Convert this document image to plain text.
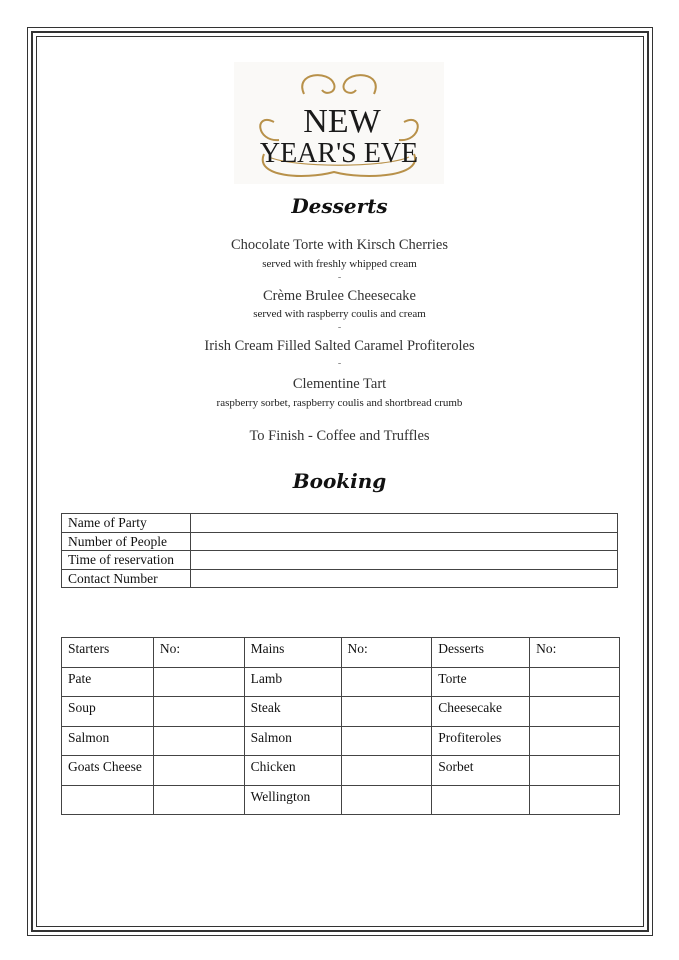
NEW
YEAR'S EVE
Desserts
Chocolate Torte with Kirsch Cherries
served with freshly whipped cream
-
Crème Brulee Cheesecake
served with raspberry coulis and cream
-
Irish Cream Filled Salted Caramel Profiteroles
-
Clementine Tart
raspberry sorbet, raspberry coulis and shortbread crumb
To Finish - Coffee and Truffles
Booking
Name of Party	
Number of People	
Time of reservation	
Contact Number	
Starters	No:	Mains	No:	Desserts	No:
Pate		Lamb		Torte	
Soup		Steak		Cheesecake	
Salmon		Salmon		Profiteroles	
Goats Cheese		Chicken		Sorbet	
		Wellington			
